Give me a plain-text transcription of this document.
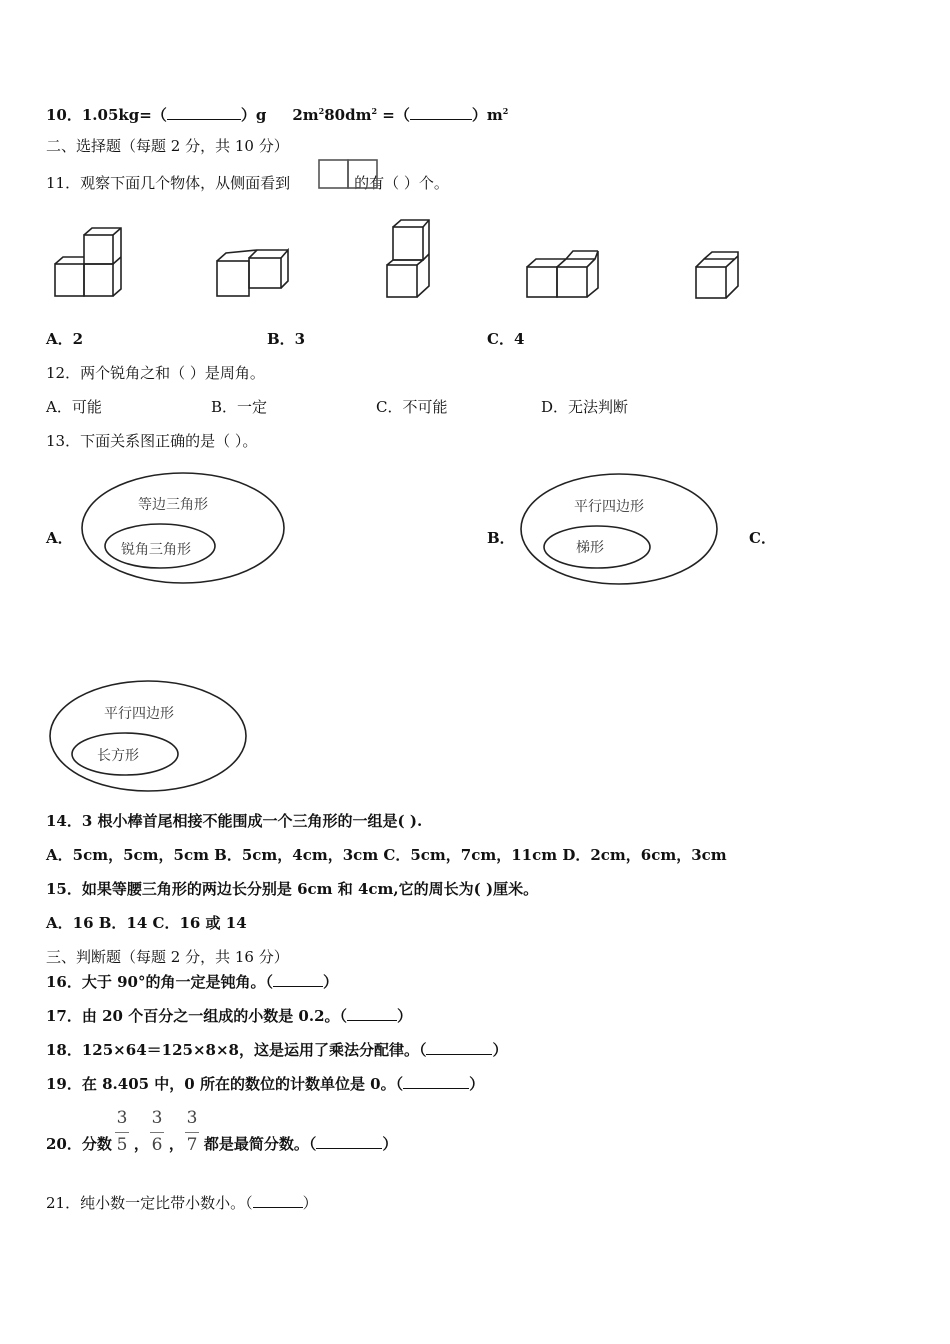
10．1.05kg=（	）g $2m^280dm^2$ =（	）$m^2$
二、选择题（每题 2 分，共 10 分）
11．观察下面几个物体，从侧面看到	的有（ ）个。
A．2	B．3	C．4
12．两个锐角之和（ ）是周角。
A．可能	B．一定	C．不可能	D．无法判断
13．下面关系图正确的是（ ）。
A．
等边三角形
锐角三角形
B．
平行四边形
梯形
C．
平行四边形
长方形
14．3 根小棒首尾相接不能围成一个三角形的一组是( ).
A．5cm，5cm，5cm B．5cm，4cm，3cm C．5cm，7cm，11cm D．2cm，6cm，3cm
15．如果等腰三角形的两边长分别是 6cm 和 4cm,它的周长为( )厘米。
A．16 B．14 C．16 或 14
三、判断题（每题 2 分，共 16 分）
16．大于 90°的角一定是钝角。（	）
17．由 20 个百分之一组成的小数是 0.2。（	）
18．125×64＝125×8×8，这是运用了乘法分配律。（	）
19．在 8.405 中，0 所在的数位的计数单位是 0。（	）
20．分数 ， ， 都是最简分数。（	）
3
5
3
6
3
7
21．纯小数一定比带小数小。（	）
